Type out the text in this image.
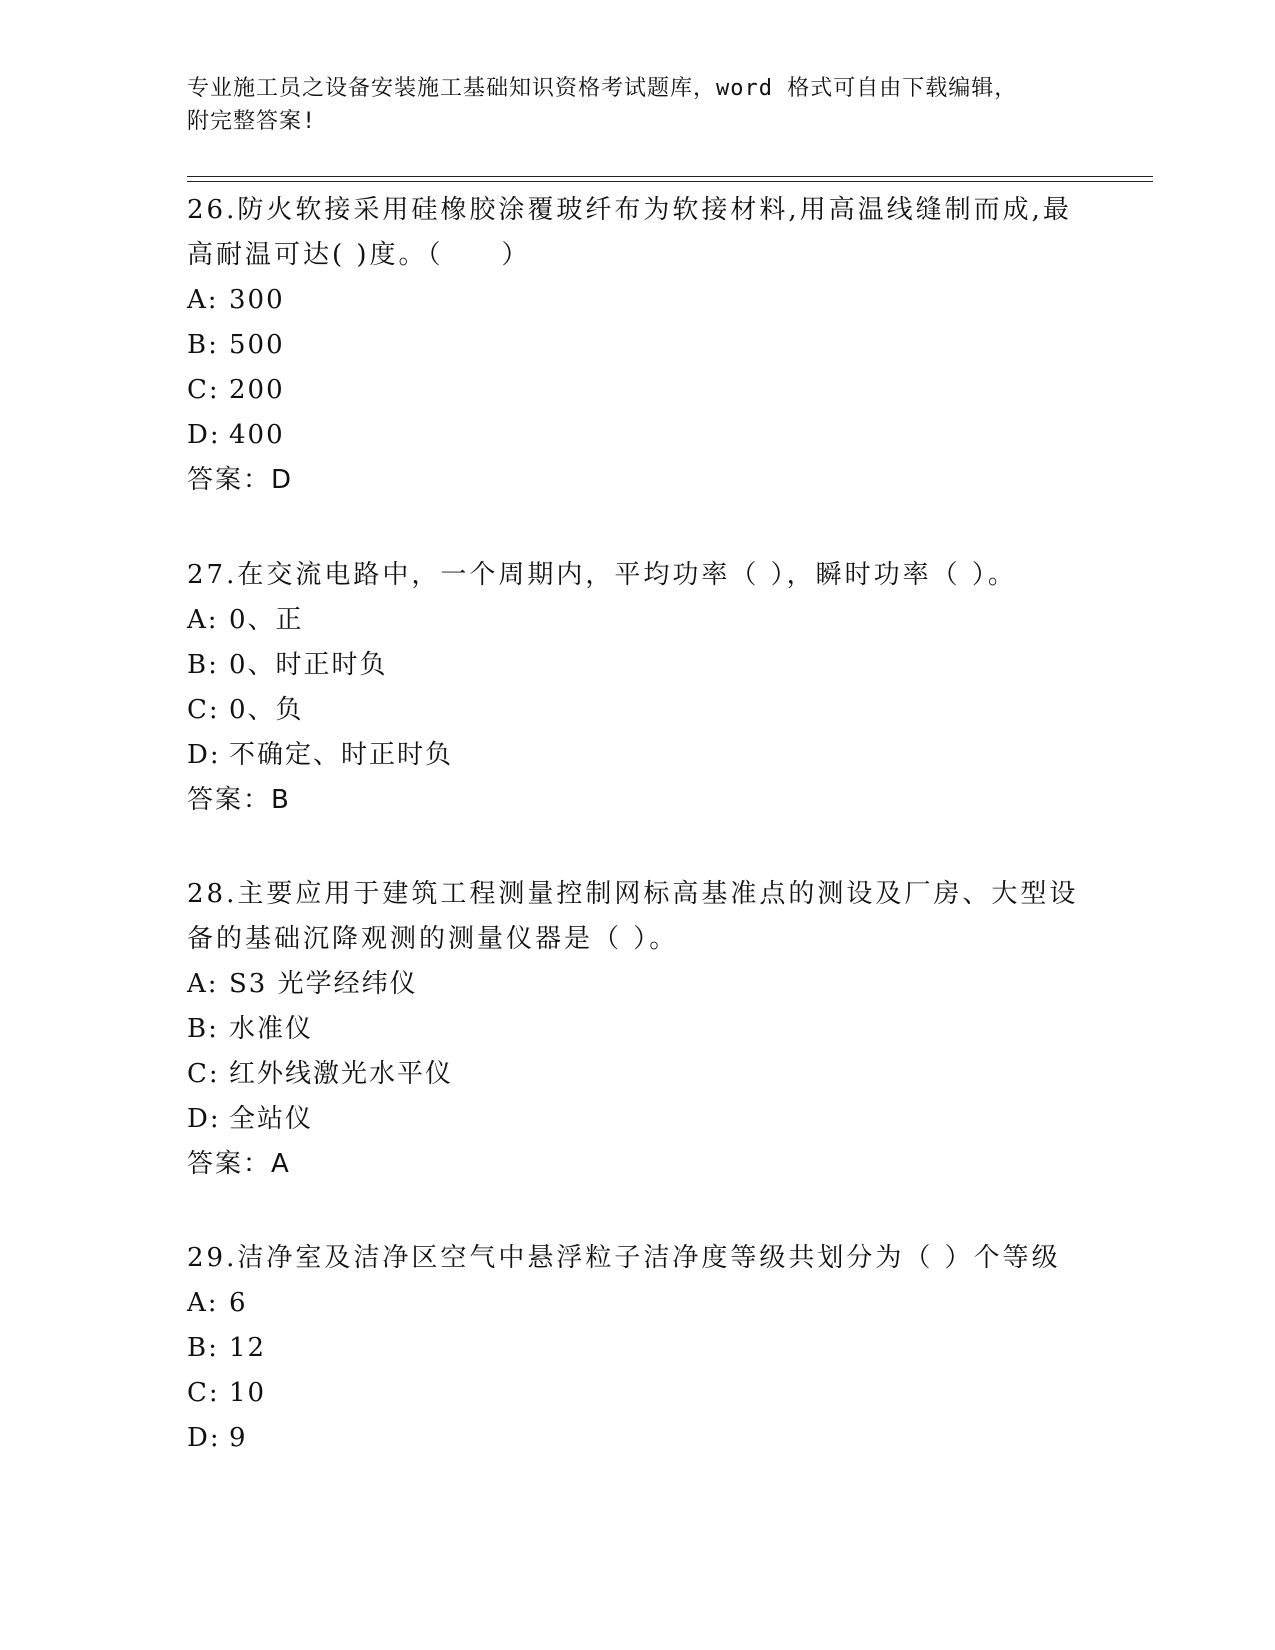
专业施工员之设备安装施工基础知识资格考试题库，word 格式可自由下载编辑，
附完整答案!

26.防火软接采用硅橡胶涂覆玻纤布为软接材料,用高温线缝制而成,最

高耐温可达( )度。（　　）

A: 300

B: 500

C: 200

D: 400

答案：D

27.在交流电路中，一个周期内，平均功率（ ），瞬时功率（ ）。

A: 0、正

B: 0、时正时负

C: 0、负

D: 不确定、时正时负

答案：B

28.主要应用于建筑工程测量控制网标高基准点的测设及厂房、大型设

备的基础沉降观测的测量仪器是（ ）。

A: S3 光学经纬仪

B: 水准仪

C: 红外线激光水平仪

D: 全站仪

答案：A

29.洁净室及洁净区空气中悬浮粒子洁净度等级共划分为（ ）个等级

A: 6

B: 12

C: 10

D: 9
